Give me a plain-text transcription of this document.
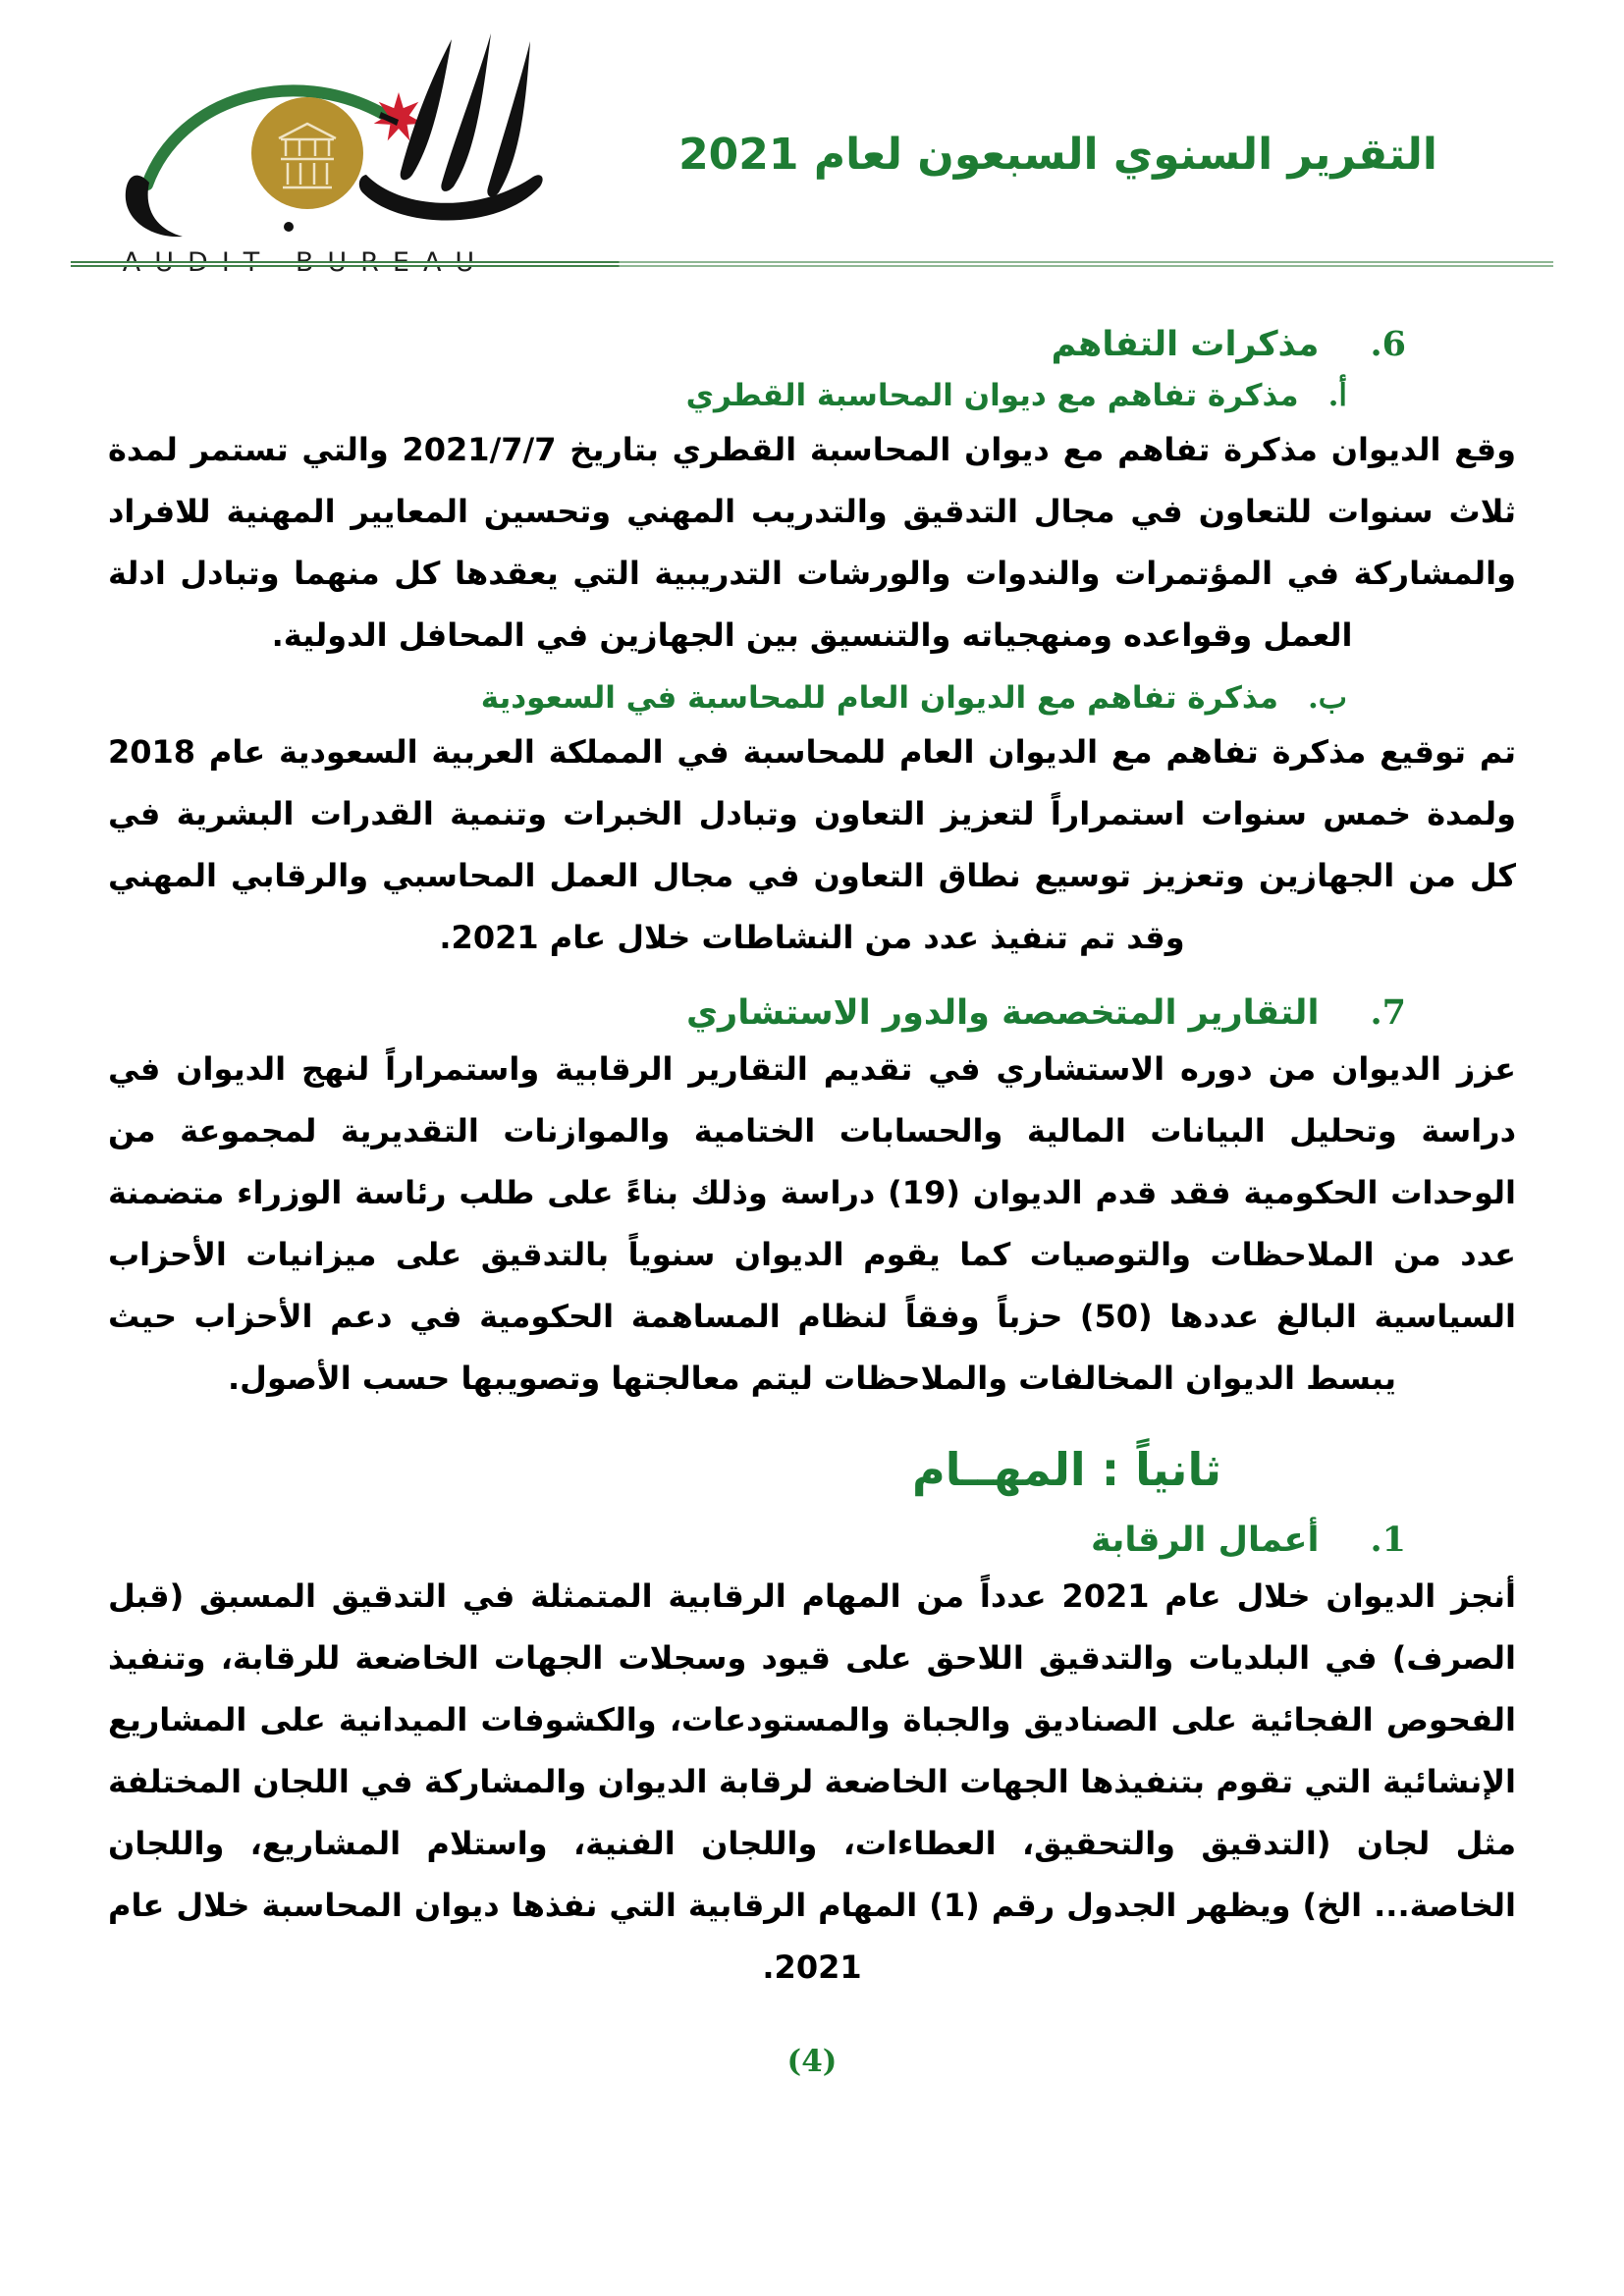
التقرير السنوي السبعون لعام 2021
6.
مذكرات التفاهم
أ.
مذكرة تفاهم مع ديوان المحاسبة القطري

وقع الديوان مذكرة تفاهم مع ديوان المحاسبة القطري بتاريخ 2021/7/7 والتي تستمر لمدة ثلاث سنوات للتعاون في مجال التدقيق والتدريب المهني وتحسين المعايير المهنية للافراد والمشاركة في المؤتمرات والندوات والورشات التدريبية التي يعقدها كل منهما وتبادل ادلة العمل وقواعده ومنهجياته والتنسيق بين الجهازين في المحافل الدولية.

ب.
مذكرة تفاهم مع الديوان العام للمحاسبة في السعودية

تم توقيع مذكرة تفاهم مع الديوان العام للمحاسبة في المملكة العربية السعودية عام 2018 ولمدة خمس سنوات استمراراً لتعزيز التعاون وتبادل الخبرات وتنمية القدرات البشرية في كل من الجهازين وتعزيز توسيع نطاق التعاون في مجال العمل المحاسبي والرقابي المهني وقد تم تنفيذ عدد من النشاطات خلال عام 2021.

7.
التقارير المتخصصة والدور الاستشاري

عزز الديوان من دوره الاستشاري في تقديم التقارير الرقابية واستمراراً لنهج الديوان في دراسة وتحليل البيانات المالية والحسابات الختامية والموازنات التقديرية لمجموعة من الوحدات الحكومية فقد قدم الديوان (19) دراسة وذلك بناءً على طلب رئاسة الوزراء متضمنة عدد من الملاحظات والتوصيات كما يقوم الديوان سنوياً بالتدقيق على ميزانيات الأحزاب السياسية البالغ عددها (50) حزباً وفقاً لنظام المساهمة الحكومية في دعم الأحزاب حيث يبسط الديوان المخالفات والملاحظات ليتم معالجتها وتصويبها حسب الأصول.

ثانياً : المهــام
1.
أعمال الرقابة

أنجز الديوان خلال عام 2021 عدداً من المهام الرقابية المتمثلة في التدقيق المسبق (قبل الصرف) في البلديات والتدقيق اللاحق على قيود وسجلات الجهات الخاضعة للرقابة، وتنفيذ الفحوص الفجائية على الصناديق والجباة والمستودعات، والكشوفات الميدانية على المشاريع الإنشائية التي تقوم بتنفيذها الجهات الخاضعة لرقابة الديوان والمشاركة في اللجان المختلفة مثل لجان (التدقيق والتحقيق، العطاءات، واللجان الفنية، واستلام المشاريع، واللجان الخاصة... الخ) ويظهر الجدول رقم (1) المهام الرقابية التي نفذها ديوان المحاسبة خلال عام 2021.

(4)
